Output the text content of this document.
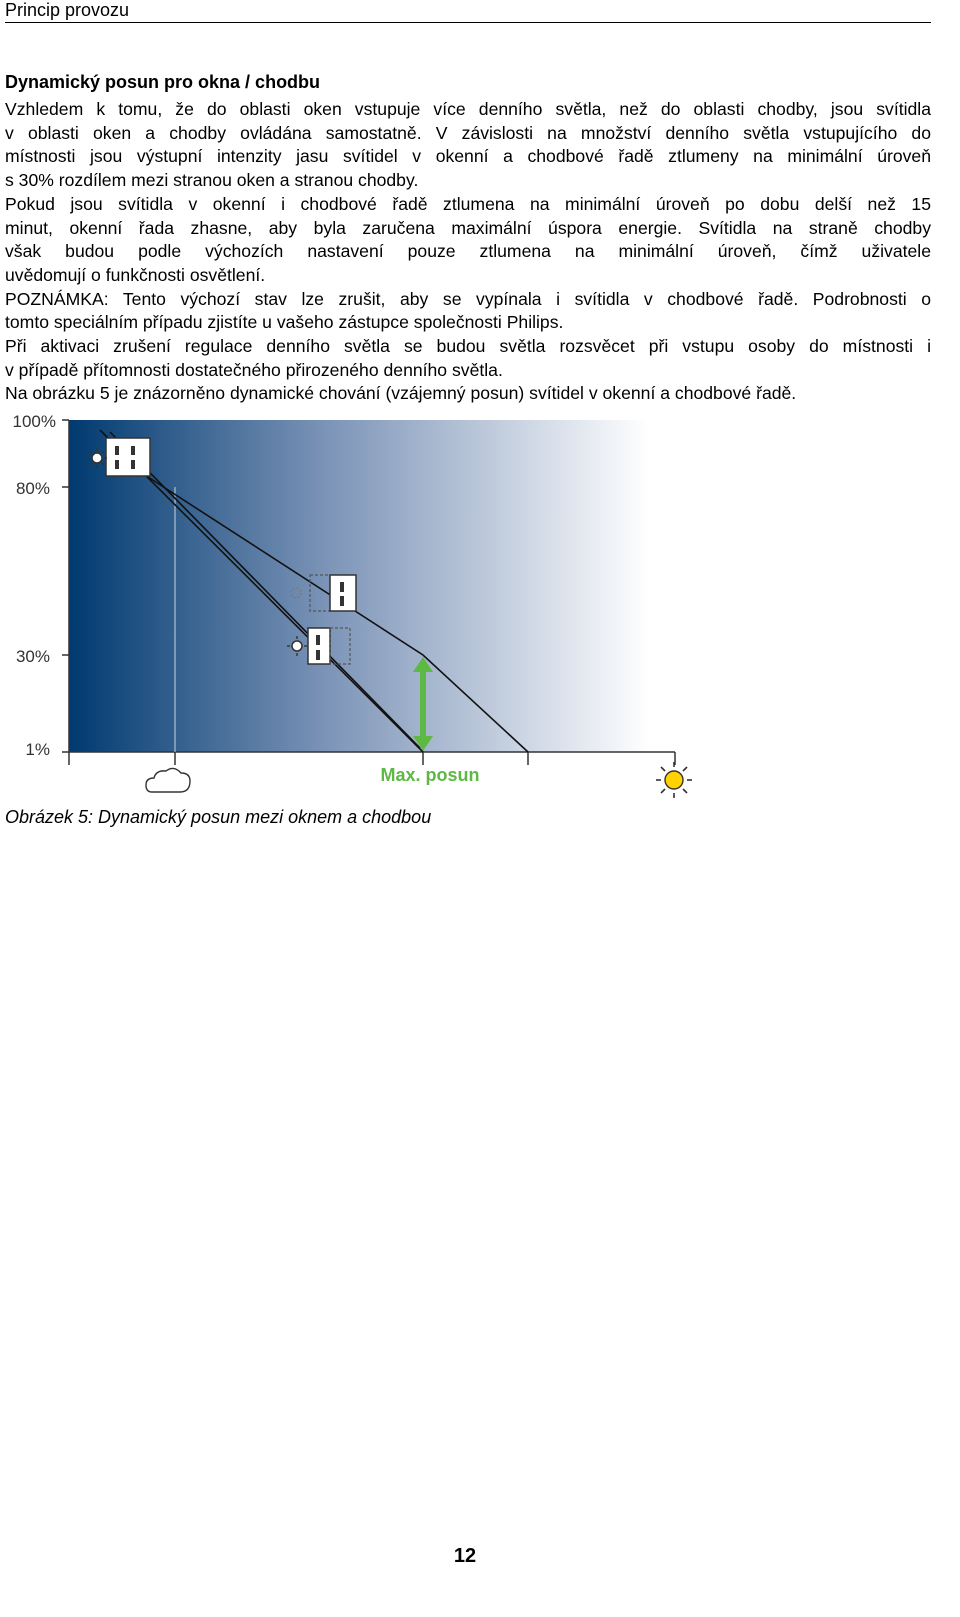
Princip provozu

Dynamický posun pro okna / chodbu

Vzhledem k tomu, že do oblasti oken vstupuje více denního světla, než do oblasti chodby, jsou svítidla

v oblasti oken a chodby ovládána samostatně. V závislosti na množství denního světla vstupujícího do

místnosti jsou výstupní intenzity jasu svítidel v okenní a chodbové řadě ztlumeny na minimální úroveň

s 30% rozdílem mezi stranou oken a stranou chodby.

Pokud jsou svítidla v okenní i chodbové řadě ztlumena na minimální úroveň po dobu delší než 15

minut, okenní řada zhasne, aby byla zaručena maximální úspora energie. Svítidla na straně chodby

však budou podle výchozích nastavení pouze ztlumena na minimální úroveň, čímž uživatele

uvědomují o funkčnosti osvětlení.

POZNÁMKA: Tento výchozí stav lze zrušit, aby se vypínala i svítidla v chodbové řadě. Podrobnosti o

tomto speciálním případu zjistíte u vašeho zástupce společnosti Philips.

Při aktivaci zrušení regulace denního světla se budou světla rozsvěcet při vstupu osoby do místnosti i

v případě přítomnosti dostatečného přirozeného denního světla.

Na obrázku 5 je znázorněno dynamické chování (vzájemný posun) svítidel v okenní a chodbové řadě.

100%
80%
30%
1%
Max. posun
Obrázek 5: Dynamický posun mezi oknem a chodbou
12
